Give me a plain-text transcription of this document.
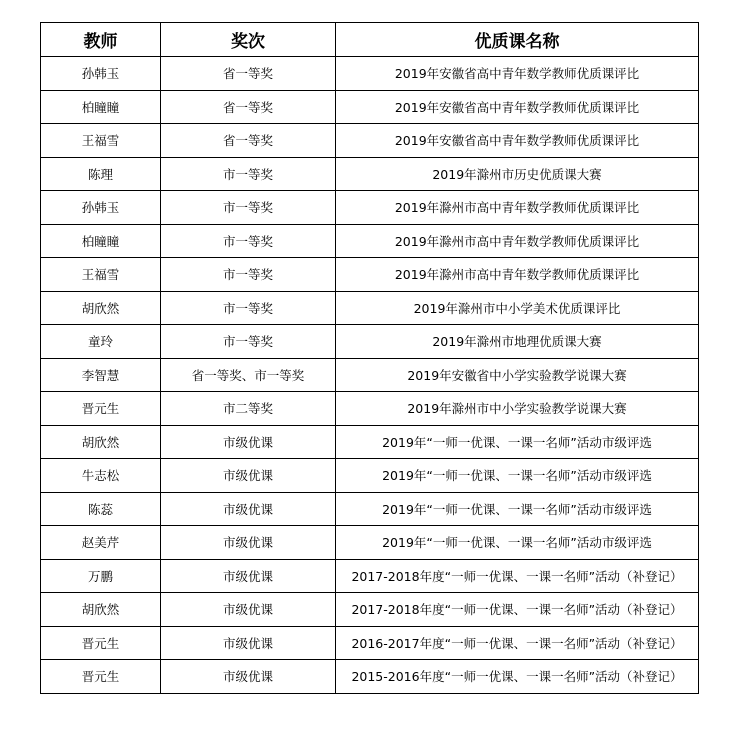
教师	奖次	优质课名称
孙韩玉	省一等奖	2019年安徽省高中青年数学教师优质课评比
柏瞳瞳	省一等奖	2019年安徽省高中青年数学教师优质课评比
王福雪	省一等奖	2019年安徽省高中青年数学教师优质课评比
陈理	市一等奖	2019年滁州市历史优质课大赛
孙韩玉	市一等奖	2019年滁州市高中青年数学教师优质课评比
柏瞳瞳	市一等奖	2019年滁州市高中青年数学教师优质课评比
王福雪	市一等奖	2019年滁州市高中青年数学教师优质课评比
胡欣然	市一等奖	2019年滁州市中小学美术优质课评比
童玲	市一等奖	2019年滁州市地理优质课大赛
李智慧	省一等奖、市一等奖	2019年安徽省中小学实验教学说课大赛
晋元生	市二等奖	2019年滁州市中小学实验教学说课大赛
胡欣然	市级优课	2019年“一师一优课、一课一名师”活动市级评选
牛志松	市级优课	2019年“一师一优课、一课一名师”活动市级评选
陈蕊	市级优课	2019年“一师一优课、一课一名师”活动市级评选
赵美芹	市级优课	2019年“一师一优课、一课一名师”活动市级评选
万鹏	市级优课	2017-2018年度“一师一优课、一课一名师”活动（补登记）
胡欣然	市级优课	2017-2018年度“一师一优课、一课一名师”活动（补登记）
晋元生	市级优课	2016-2017年度“一师一优课、一课一名师”活动（补登记）
晋元生	市级优课	2015-2016年度“一师一优课、一课一名师”活动（补登记）
